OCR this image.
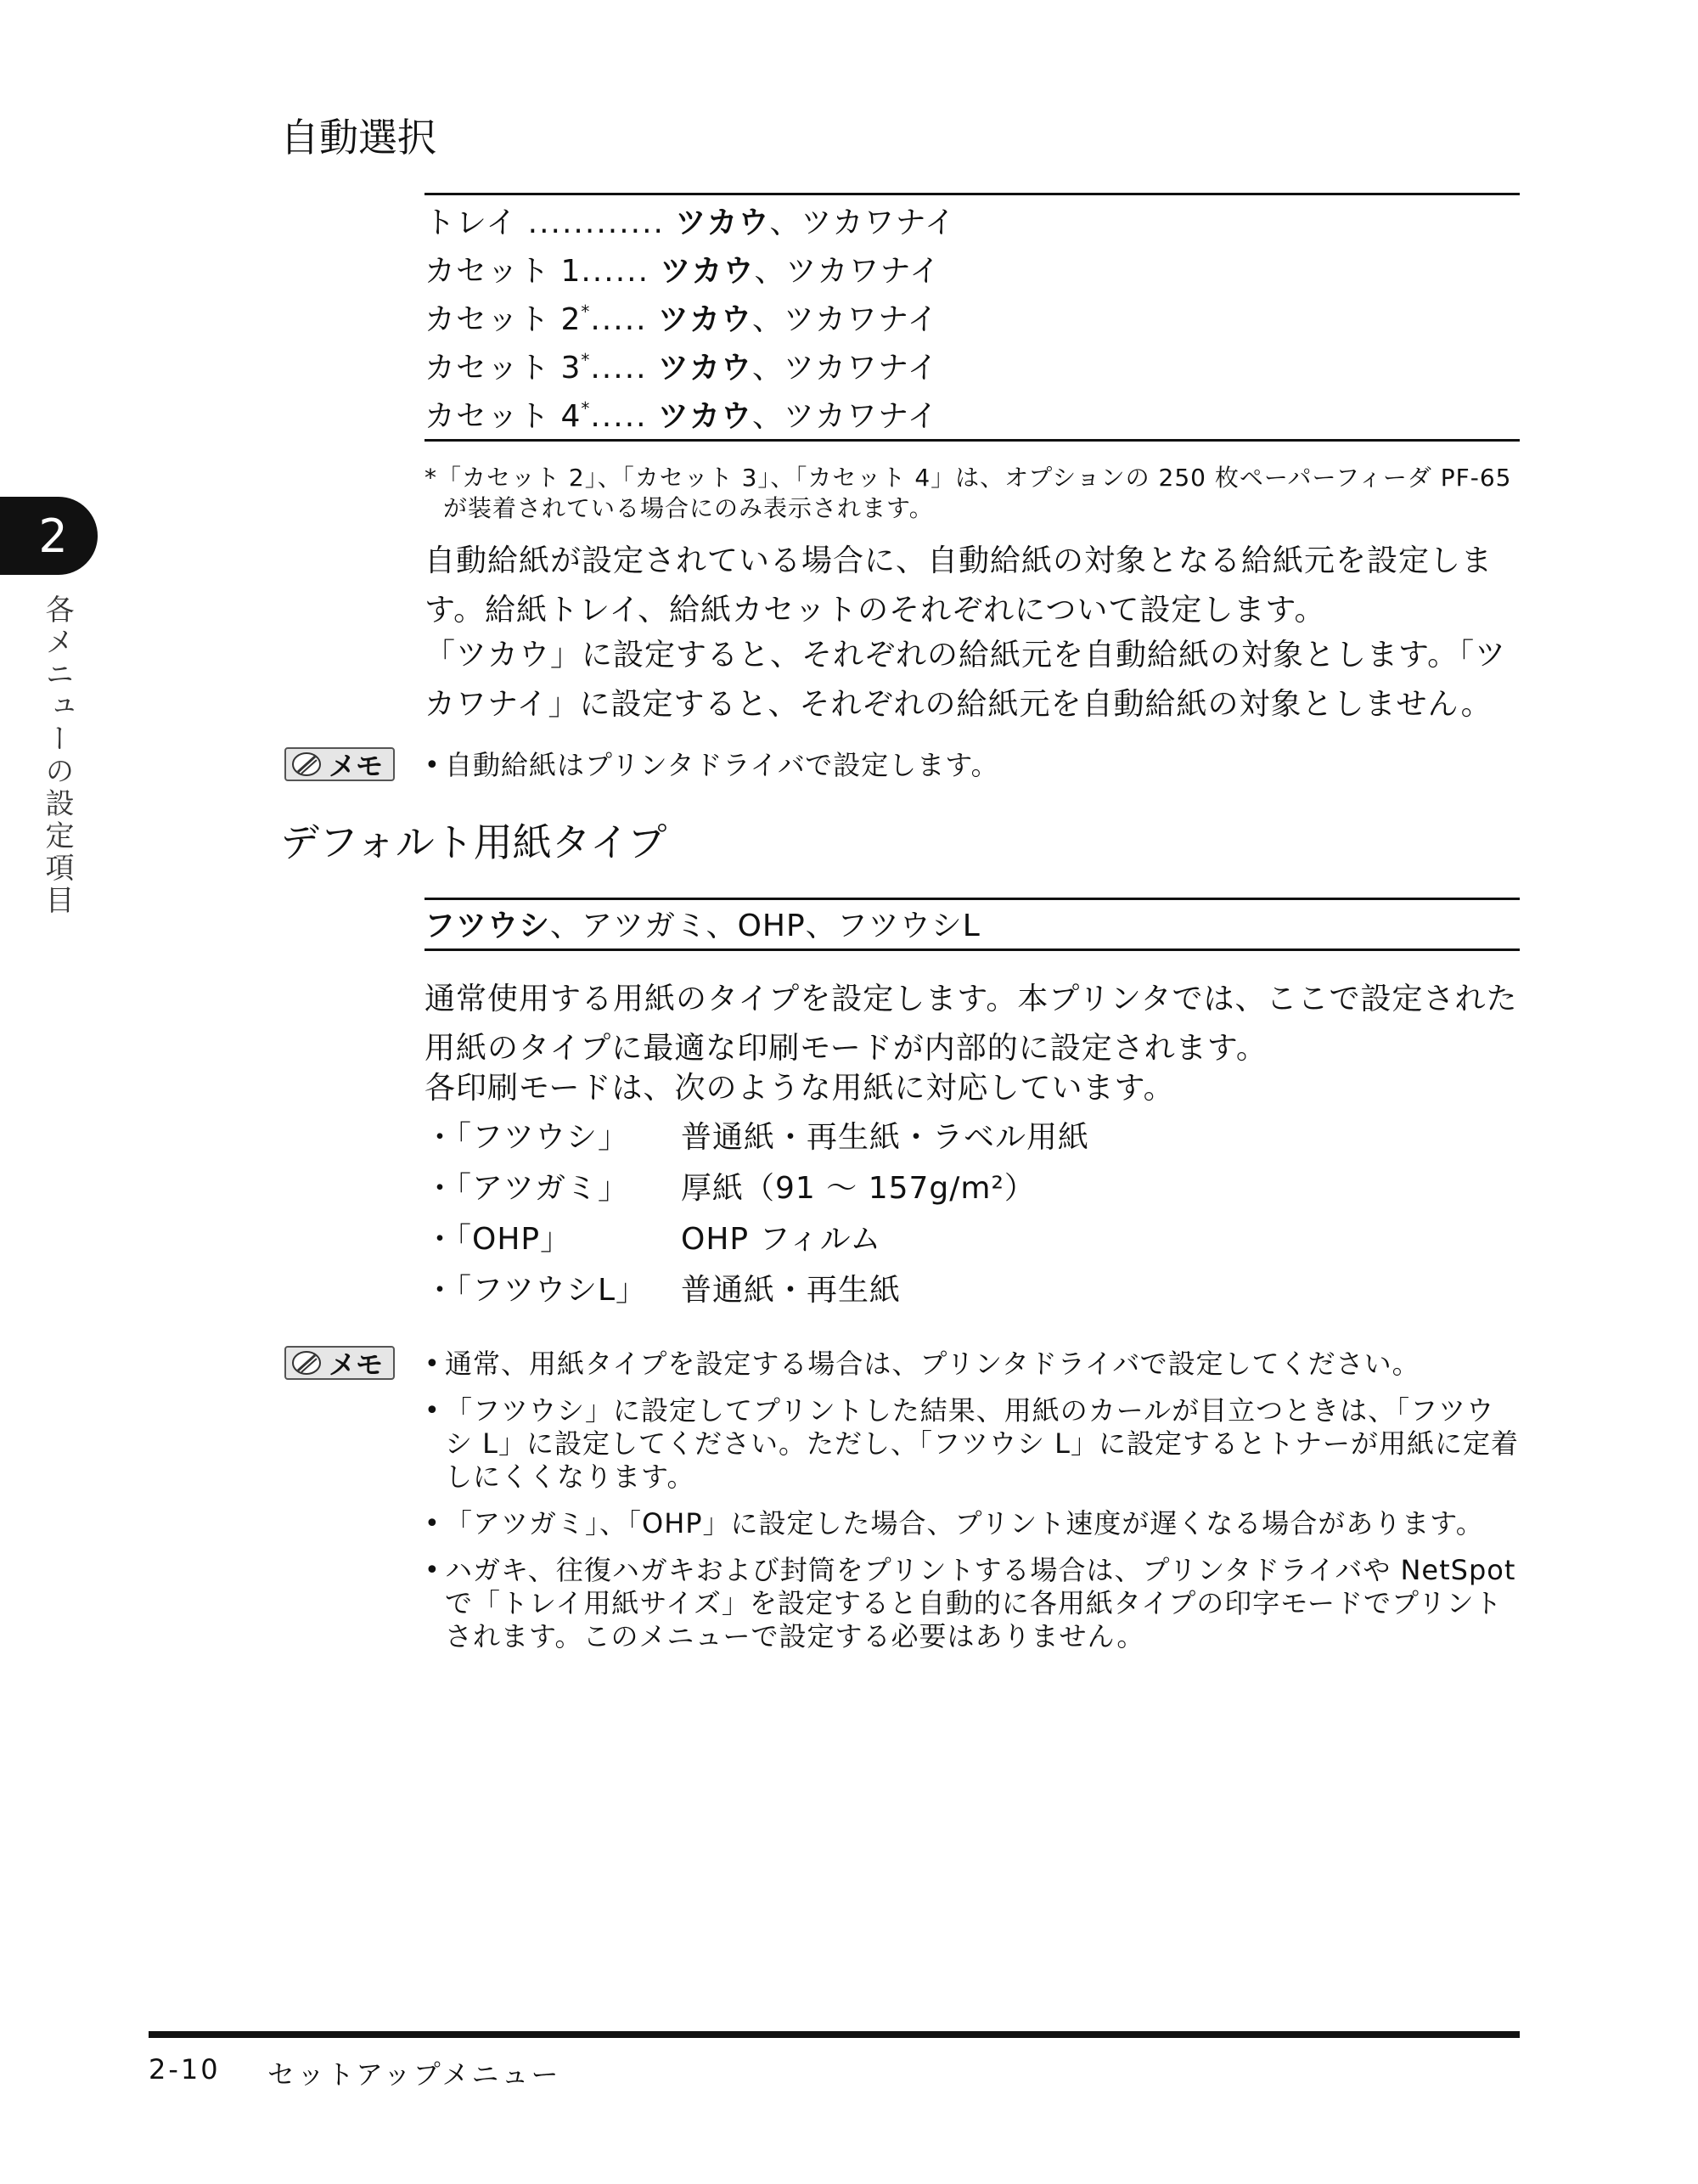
2
各メニューの設定項目
自動選択
トレイ ............ ツカウ、ツカワナイ
カセット 1...... ツカウ、ツカワナイ
カセット 2*..... ツカウ、ツカワナイ
カセット 3*..... ツカウ、ツカワナイ
カセット 4*..... ツカウ、ツカワナイ
*「カセット 2」、「カセット 3」、「カセット 4」は、オプションの 250 枚ペーパーフィーダ PF-65 が装着されている場合にのみ表示されます。
自動給紙が設定されている場合に、自動給紙の対象となる給紙元を設定します。給紙トレイ、給紙カセットのそれぞれについて設定します。
「ツカウ」に設定すると、それぞれの給紙元を自動給紙の対象とします。「ツカワナイ」に設定すると、それぞれの給紙元を自動給紙の対象としません。
メモ	• 自動給紙はプリンタドライバで設定します。
デフォルト用紙タイプ
フツウシ、アツガミ、OHP、フツウシL
通常使用する用紙のタイプを設定します。本プリンタでは、ここで設定された用紙のタイプに最適な印刷モードが内部的に設定されます。
各印刷モードは、次のような用紙に対応しています。
・「フツウシ」 普通紙・再生紙・ラベル用紙
・「アツガミ」 厚紙（91 ～ 157g/m²）
・「OHP」	OHP フィルム
・「フツウシL」 普通紙・再生紙
メモ	• 通常、用紙タイプを設定する場合は、プリンタドライバで設定してください。
• 「フツウシ」に設定してプリントした結果、用紙のカールが目立つときは、「フツウシ L」に設定してください。ただし、「フツウシ L」に設定するとトナーが用紙に定着しにくくなります。
• 「アツガミ」、「OHP」に設定した場合、プリント速度が遅くなる場合があります。
• ハガキ、往復ハガキおよび封筒をプリントする場合は、プリンタドライバや NetSpot で「トレイ用紙サイズ」を設定すると自動的に各用紙タイプの印字モードでプリントされます。このメニューで設定する必要はありません。
2-10 セットアップメニュー
